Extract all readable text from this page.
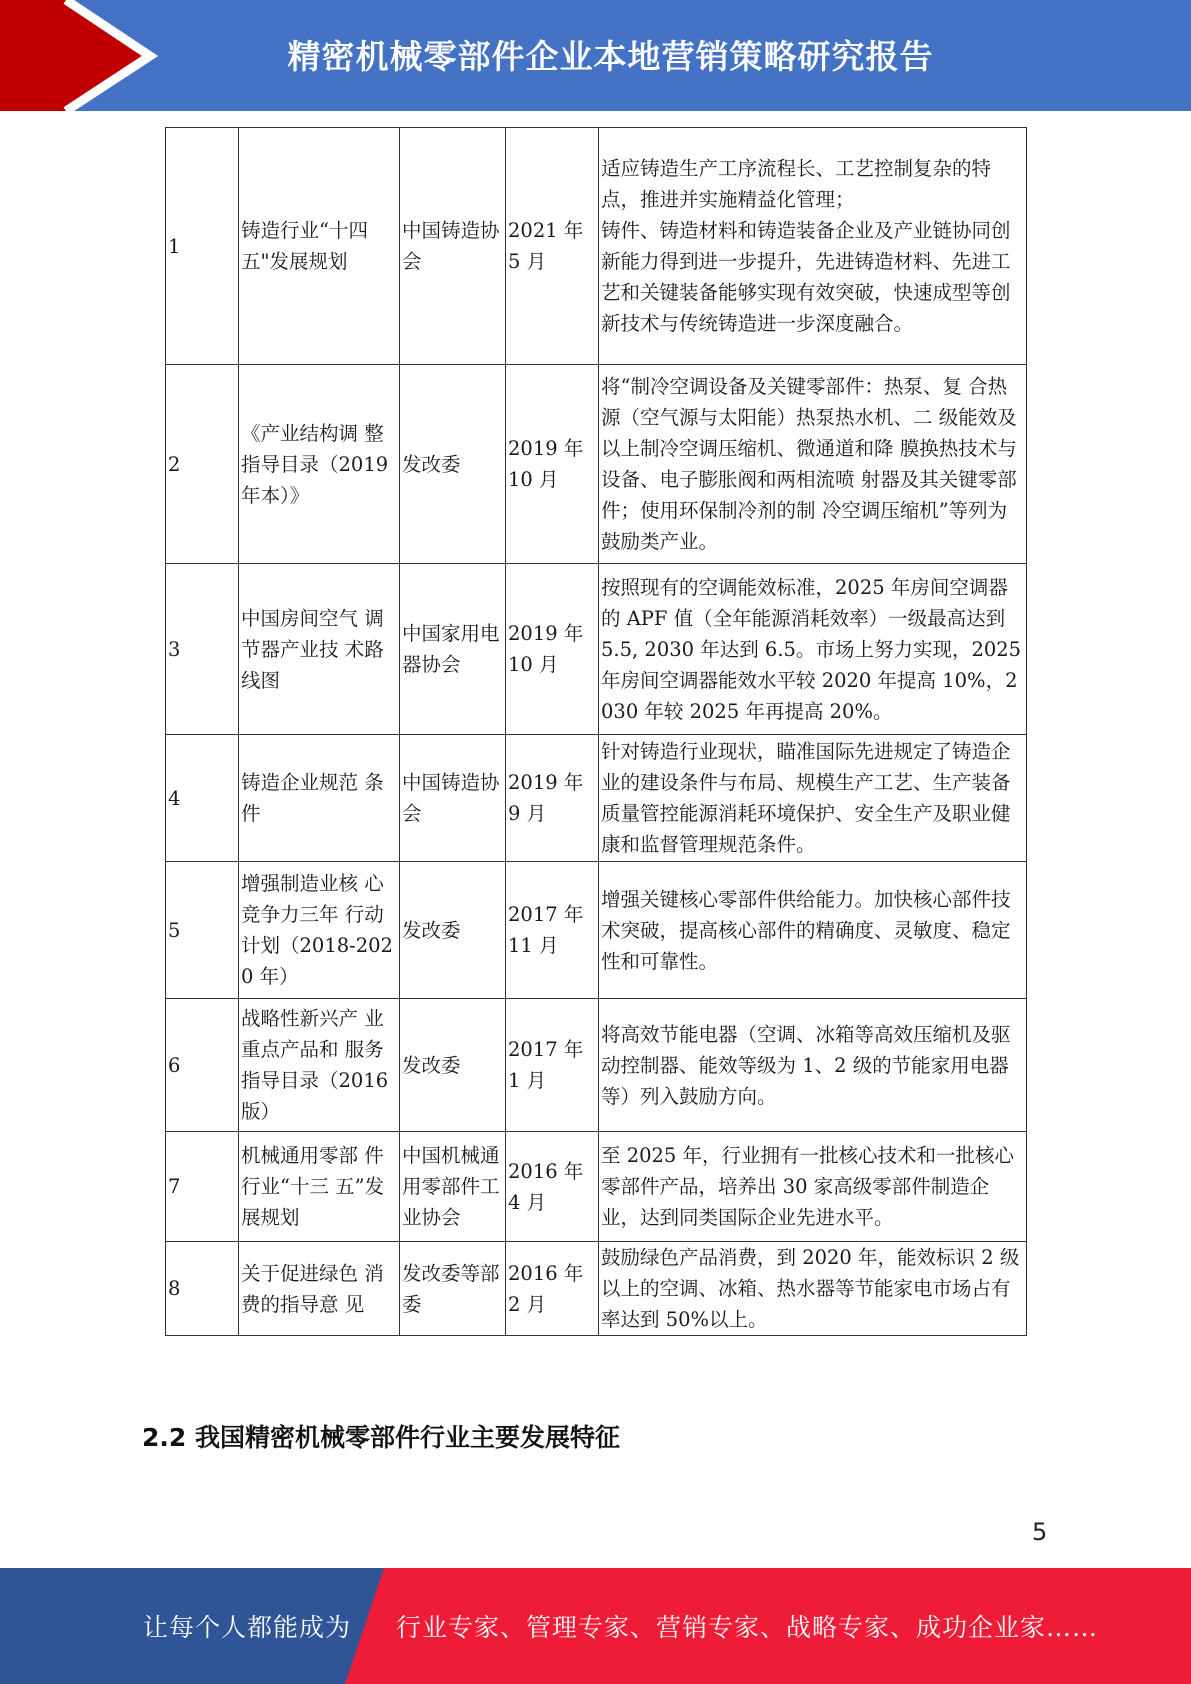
精密机械零部件企业本地营销策略研究报告
1	铸造行业“十四五"发展规划	中国铸造协会	2021 年 5 月	适应铸造生产工序流程长、工艺控制复杂的特点，推进并实施精益化管理；
铸件、铸造材料和铸造装备企业及产业链协同创新能力得到进一步提升，先进铸造材料、先进工艺和关键装备能够实现有效突破，快速成型等创新技术与传统铸造进一步深度融合。
2	《产业结构调 整指导目录（2019 年本）》	发改委	2019 年 10 月	将“制冷空调设备及关键零部件：热泵、复 合热源（空气源与太阳能）热泵热水机、二 级能效及以上制冷空调压缩机、微通道和降 膜换热技术与设备、电子膨胀阀和两相流喷 射器及其关键零部件；使用环保制冷剂的制 冷空调压缩机”等列为鼓励类产业。
3	中国房间空气 调节器产业技 术路线图	中国家用电器协会	2019 年 10 月	按照现有的空调能效标准，2025 年房间空调器的 APF 值（全年能源消耗效率）一级最高达到 5.5, 2030 年达到 6.5。市场上努力实现，2025 年房间空调器能效水平较 2020 年提高 10%，2030 年较 2025 年再提高 20%。
4	铸造企业规范 条件	中国铸造协会	2019 年 9 月	针对铸造行业现状，瞄准国际先进规定了铸造企业的建设条件与布局、规模生产工艺、生产装备质量管控能源消耗环境保护、安全生产及职业健康和监督管理规范条件。
5	增强制造业核 心竞争力三年 行动计划（2018-2020 年）	发改委	2017 年 11 月	增强关键核心零部件供给能力。加快核心部件技术突破，提高核心部件的精确度、灵敏度、稳定性和可靠性。
6	战略性新兴产 业重点产品和 服务指导目录（2016 版）	发改委	2017 年 1 月	将高效节能电器（空调、冰箱等高效压缩机及驱动控制器、能效等级为 1、2 级的节能家用电器等）列入鼓励方向。
7	机械通用零部 件行业“十三 五”发展规划	中国机械通用零部件工业协会	2016 年 4 月	至 2025 年，行业拥有一批核心技术和一批核心零部件产品，培养出 30 家高级零部件制造企业，达到同类国际企业先进水平。
8	关于促进绿色 消费的指导意 见	发改委等部委	2016 年 2 月	鼓励绿色产品消费，到 2020 年，能效标识 2 级以上的空调、冰箱、热水器等节能家电市场占有率达到 50%以上。
2.2 我国精密机械零部件行业主要发展特征
5
让每个人都能成为 行业专家、管理专家、营销专家、战略专家、成功企业家……
